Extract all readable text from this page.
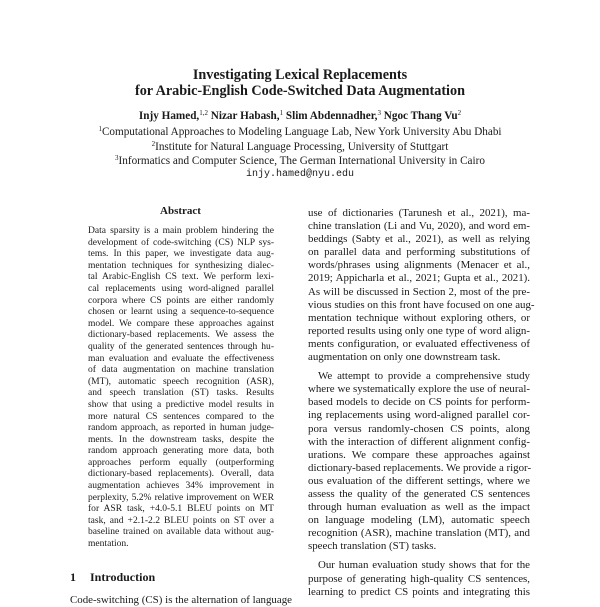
Investigating Lexical Replacements
for Arabic-English Code-Switched Data Augmentation
Injy Hamed,$^{1,2}$ Nizar Habash,$^1$ Slim Abdennadher,$^3$ Ngoc Thang Vu$^2$
$^1$Computational Approaches to Modeling Language Lab, New York University Abu Dhabi
$^2$Institute for Natural Language Processing, University of Stuttgart
$^3$Informatics and Computer Science, The German International University in Cairo
injy.hamed@nyu.edu
Abstract
Data sparsity is a main problem hindering the
development of code-switching (CS) NLP sys-
tems. In this paper, we investigate data aug-
mentation techniques for synthesizing dialec-
tal Arabic-English CS text. We perform lexi-
cal replacements using word-aligned parallel
corpora where CS points are either randomly
chosen or learnt using a sequence-to-sequence
model. We compare these approaches against
dictionary-based replacements. We assess the
quality of the generated sentences through hu-
man evaluation and evaluate the effectiveness
of data augmentation on machine translation
(MT), automatic speech recognition (ASR),
and speech translation (ST) tasks. Results
show that using a predictive model results in
more natural CS sentences compared to the
random approach, as reported in human judge-
ments. In the downstream tasks, despite the
random approach generating more data, both
approaches perform equally (outperforming
dictionary-based replacements). Overall, data
augmentation achieves 34% improvement in
perplexity, 5.2% relative improvement on WER
for ASR task, +4.0-5.1 BLEU points on MT
task, and +2.1-2.2 BLEU points on ST over a
baseline trained on available data without aug-
mentation.
1 Introduction
Code-switching (CS) is the alternation of language
use of dictionaries (Tarunesh et al., 2021), ma-
chine translation (Li and Vu, 2020), and word em-
beddings (Sabty et al., 2021), as well as relying
on parallel data and performing substitutions of
words/phrases using alignments (Menacer et al.,
2019; Appicharla et al., 2021; Gupta et al., 2021).
As will be discussed in Section 2, most of the pre-
vious studies on this front have focused on one aug-
mentation technique without exploring others, or
reported results using only one type of word align-
ments configuration, or evaluated effectiveness of
augmentation on only one downstream task.
We attempt to provide a comprehensive study
where we systematically explore the use of neural-
based models to decide on CS points for perform-
ing replacements using word-aligned parallel cor-
pora versus randomly-chosen CS points, along
with the interaction of different alignment config-
urations. We compare these approaches against
dictionary-based replacements. We provide a rigor-
ous evaluation of the different settings, where we
assess the quality of the generated CS sentences
through human evaluation as well as the impact
on language modeling (LM), automatic speech
recognition (ASR), machine translation (MT), and
speech translation (ST) tasks.
Our human evaluation study shows that for the
purpose of generating high-quality CS sentences,
learning to predict CS points and integrating this
